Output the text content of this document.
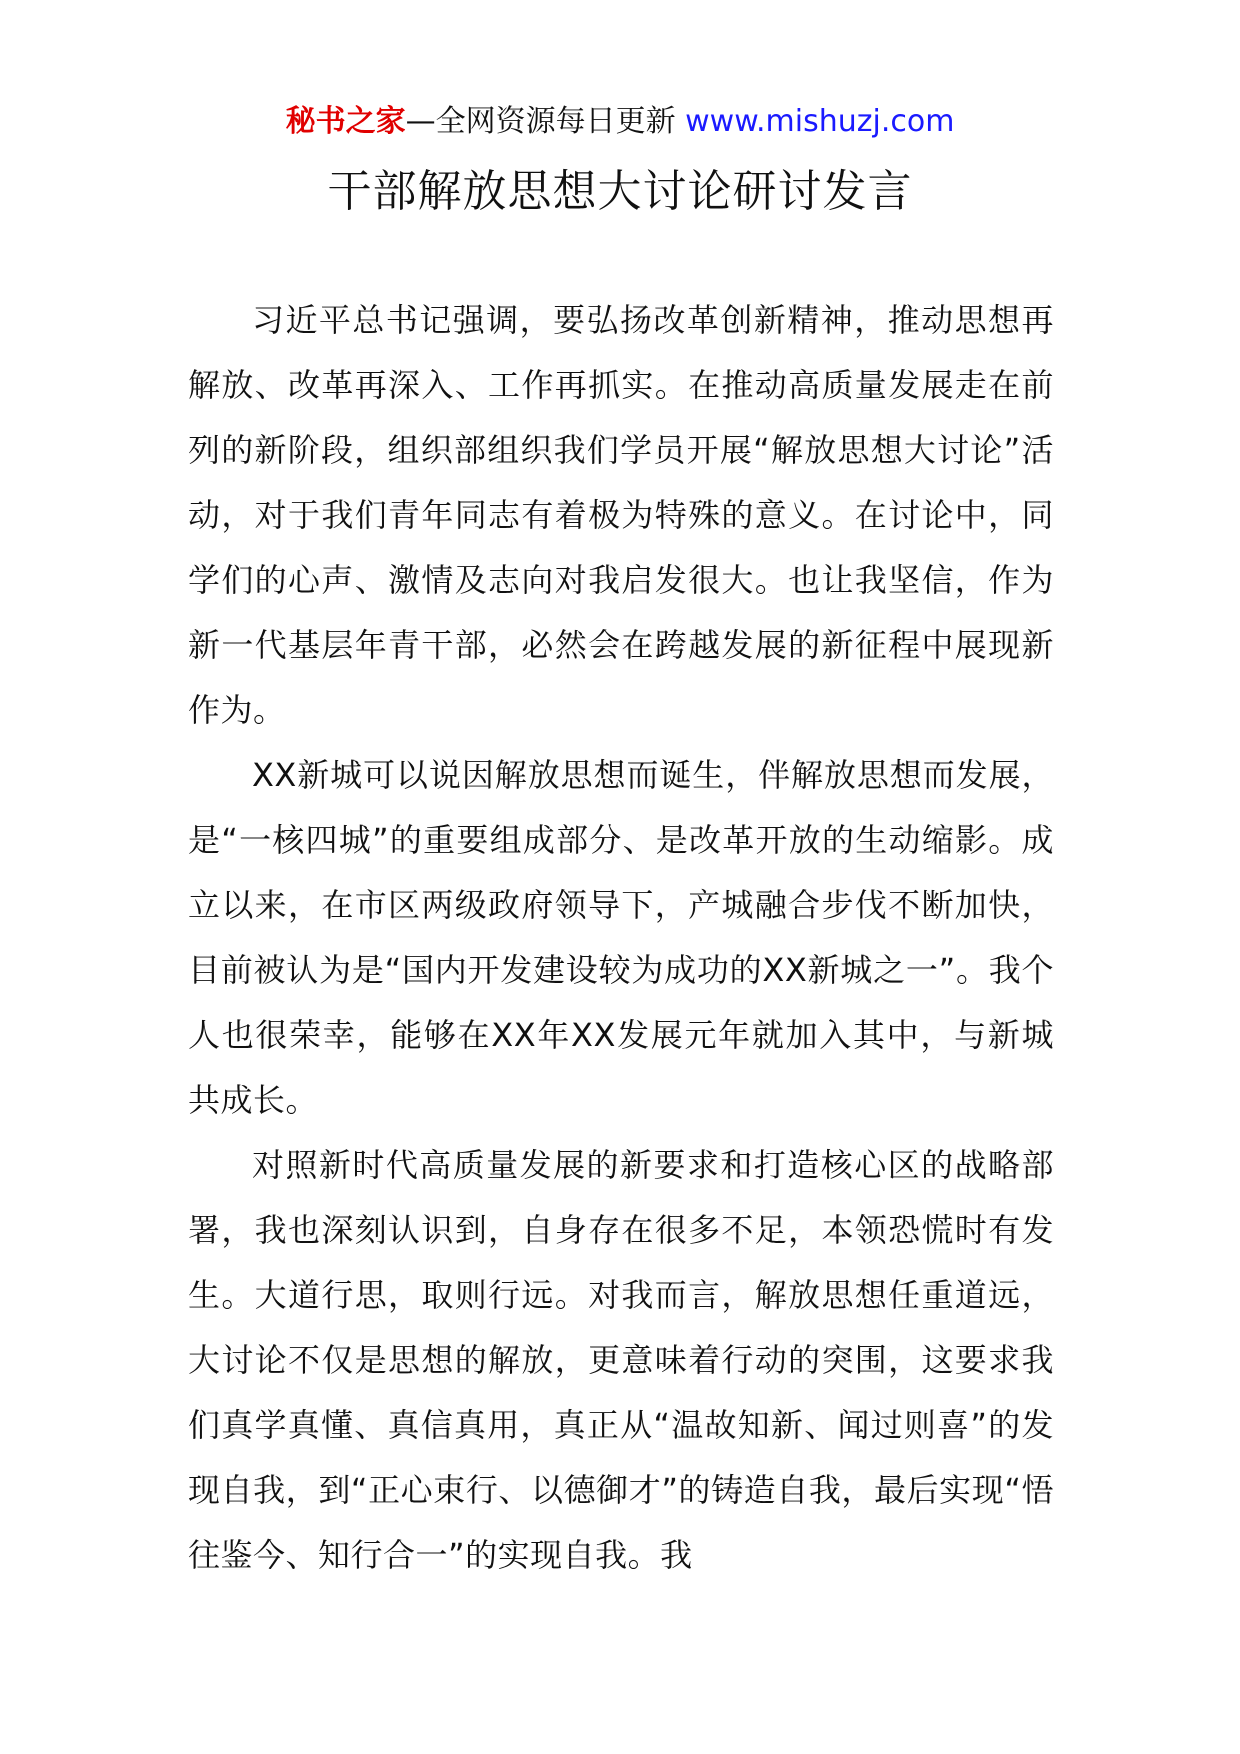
秘书之家—全网资源每日更新 www.mishuzj.com
干部解放思想大讨论研讨发言

习近平总书记强调，要弘扬改革创新精神，推动思想再解放、改革再深入、工作再抓实。在推动高质量发展走在前列的新阶段，组织部组织我们学员开展“解放思想大讨论”活动，对于我们青年同志有着极为特殊的意义。在讨论中，同学们的心声、激情及志向对我启发很大。也让我坚信，作为新一代基层年青干部，必然会在跨越发展的新征程中展现新作为。

XX新城可以说因解放思想而诞生，伴解放思想而发展，是“一核四城”的重要组成部分、是改革开放的生动缩影。成立以来，在市区两级政府领导下，产城融合步伐不断加快，目前被认为是“国内开发建设较为成功的XX新城之一”。我个人也很荣幸，能够在XX年XX发展元年就加入其中，与新城共成长。

对照新时代高质量发展的新要求和打造核心区的战略部署，我也深刻认识到，自身存在很多不足，本领恐慌时有发生。大道行思，取则行远。对我而言，解放思想任重道远，大讨论不仅是思想的解放，更意味着行动的突围，这要求我们真学真懂、真信真用，真正从“温故知新、闻过则喜”的发现自我，到“正心束行、以德御才”的铸造自我，最后实现“悟往鉴今、知行合一”的实现自我。我
